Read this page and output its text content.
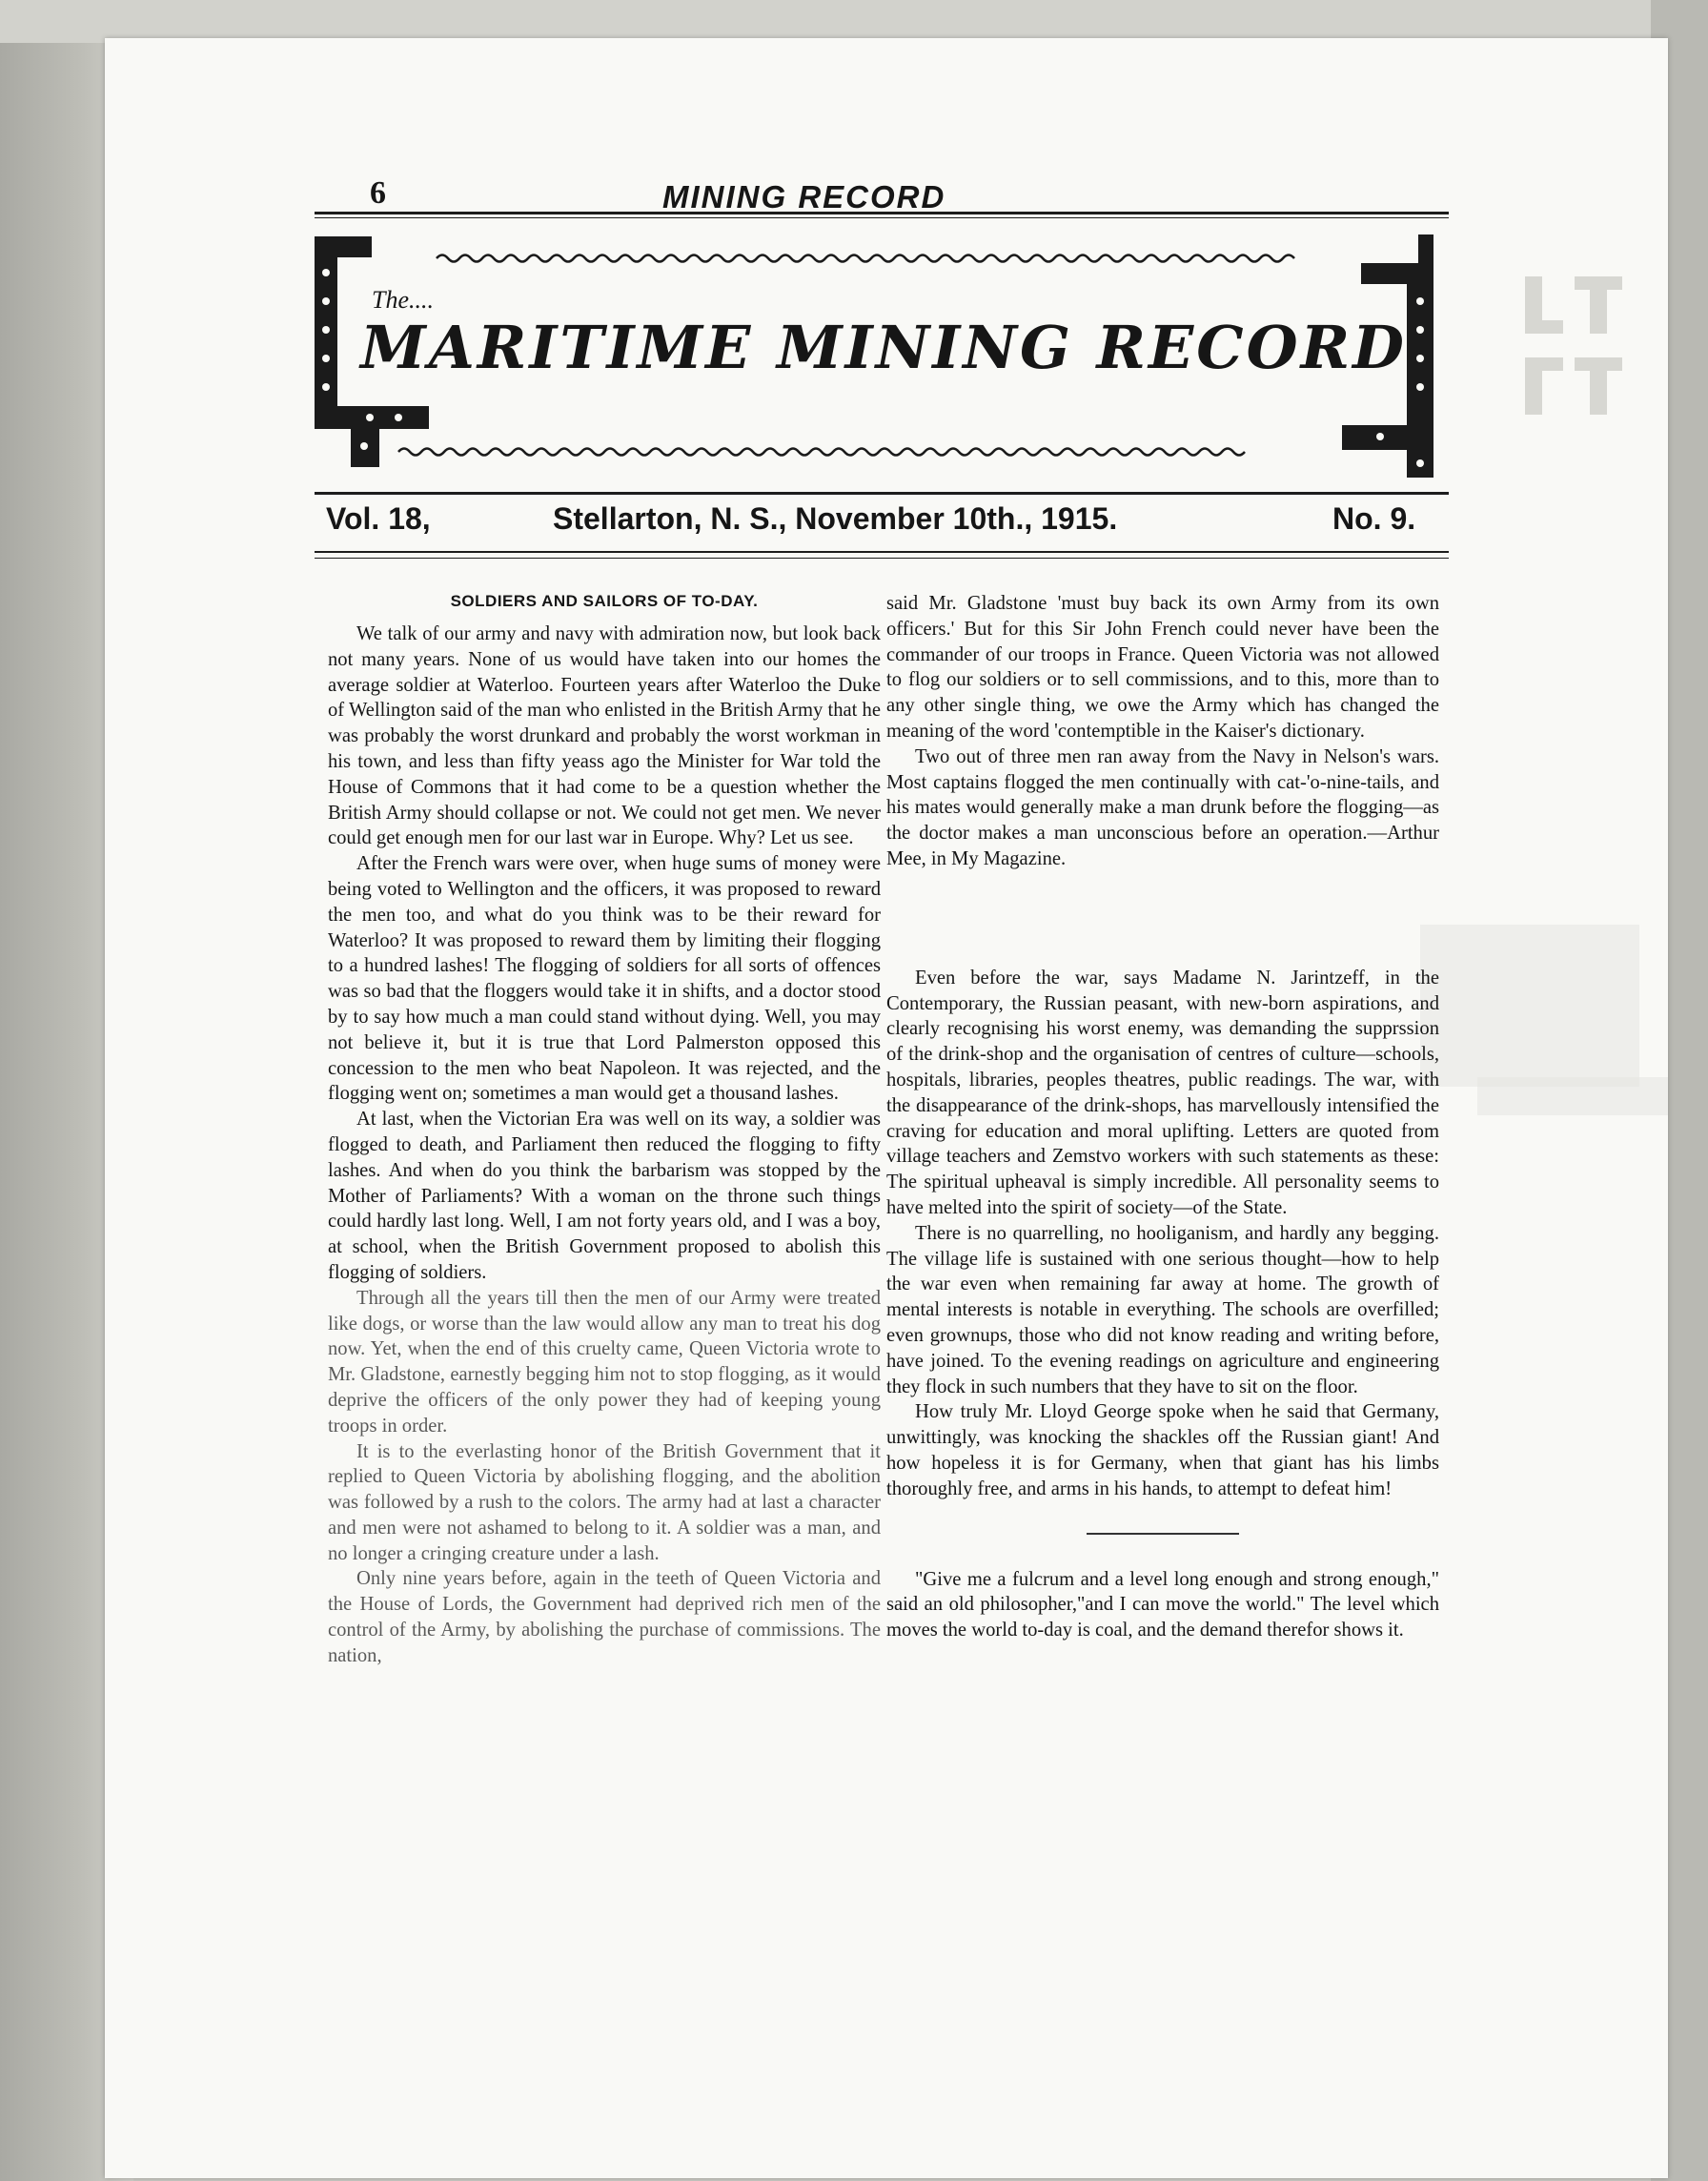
6	MINING RECORD
The....
MARITIME MINING RECORD
Vol. 18,	Stellarton, N. S., November 10th., 1915.	No. 9.
SOLDIERS AND SAILORS OF TO-DAY.

We talk of our army and navy with admiration now, but look back not many years. None of us would have taken into our homes the average soldier at Waterloo. Fourteen years after Waterloo the Duke of Wellington said of the man who enlisted in the British Army that he was probably the worst drunkard and probably the worst workman in his town, and less than fifty yeass ago the Minister for War told the House of Commons that it had come to be a question whether the British Army should collapse or not. We could not get men. We never could get enough men for our last war in Europe. Why? Let us see.

After the French wars were over, when huge sums of money were being voted to Wellington and the officers, it was proposed to reward the men too, and what do you think was to be their reward for Waterloo? It was proposed to reward them by limiting their flogging to a hundred lashes! The flogging of soldiers for all sorts of offences was so bad that the floggers would take it in shifts, and a doctor stood by to say how much a man could stand without dying. Well, you may not believe it, but it is true that Lord Palmerston opposed this concession to the men who beat Napoleon. It was rejected, and the flogging went on; sometimes a man would get a thousand lashes.

At last, when the Victorian Era was well on its way, a soldier was flogged to death, and Parliament then reduced the flogging to fifty lashes. And when do you think the barbarism was stopped by the Mother of Parliaments? With a woman on the throne such things could hardly last long. Well, I am not forty years old, and I was a boy, at school, when the British Government proposed to abolish this flogging of soldiers.

Through all the years till then the men of our Army were treated like dogs, or worse than the law would allow any man to treat his dog now. Yet, when the end of this cruelty came, Queen Victoria wrote to Mr. Gladstone, earnestly begging him not to stop flogging, as it would deprive the officers of the only power they had of keeping young troops in order.

It is to the everlasting honor of the British Government that it replied to Queen Victoria by abolishing flogging, and the abolition was followed by a rush to the colors. The army had at last a character and men were not ashamed to belong to it. A soldier was a man, and no longer a cringing creature under a lash.

Only nine years before, again in the teeth of Queen Victoria and the House of Lords, the Government had deprived rich men of the control of the Army, by abolishing the purchase of commissions. The nation,

said Mr. Gladstone 'must buy back its own Army from its own officers.' But for this Sir John French could never have been the commander of our troops in France. Queen Victoria was not allowed to flog our soldiers or to sell commissions, and to this, more than to any other single thing, we owe the Army which has changed the meaning of the word 'contemptible in the Kaiser's dictionary.

Two out of three men ran away from the Navy in Nelson's wars. Most captains flogged the men continually with cat-'o-nine-tails, and his mates would generally make a man drunk before the flogging—as the doctor makes a man unconscious before an operation.—Arthur Mee, in My Magazine.

Even before the war, says Madame N. Jarintzeff, in the Contemporary, the Russian peasant, with new-born aspirations, and clearly recognising his worst enemy, was demanding the supprssion of the drink-shop and the organisation of centres of culture—schools, hospitals, libraries, peoples theatres, public readings. The war, with the disappearance of the drink-shops, has marvellously intensified the craving for education and moral uplifting. Letters are quoted from village teachers and Zemstvo workers with such statements as these: The spiritual upheaval is simply incredible. All personality seems to have melted into the spirit of society—of the State.

There is no quarrelling, no hooliganism, and hardly any begging. The village life is sustained with one serious thought—how to help the war even when remaining far away at home. The growth of mental interests is notable in everything. The schools are overfilled; even grownups, those who did not know reading and writing before, have joined. To the evening readings on agriculture and engineering they flock in such numbers that they have to sit on the floor.

How truly Mr. Lloyd George spoke when he said that Germany, unwittingly, was knocking the shackles off the Russian giant! And how hopeless it is for Germany, when that giant has his limbs thoroughly free, and arms in his hands, to attempt to defeat him!

"Give me a fulcrum and a level long enough and strong enough," said an old philosopher,"and I can move the world." The level which moves the world to-day is coal, and the demand therefor shows it.
